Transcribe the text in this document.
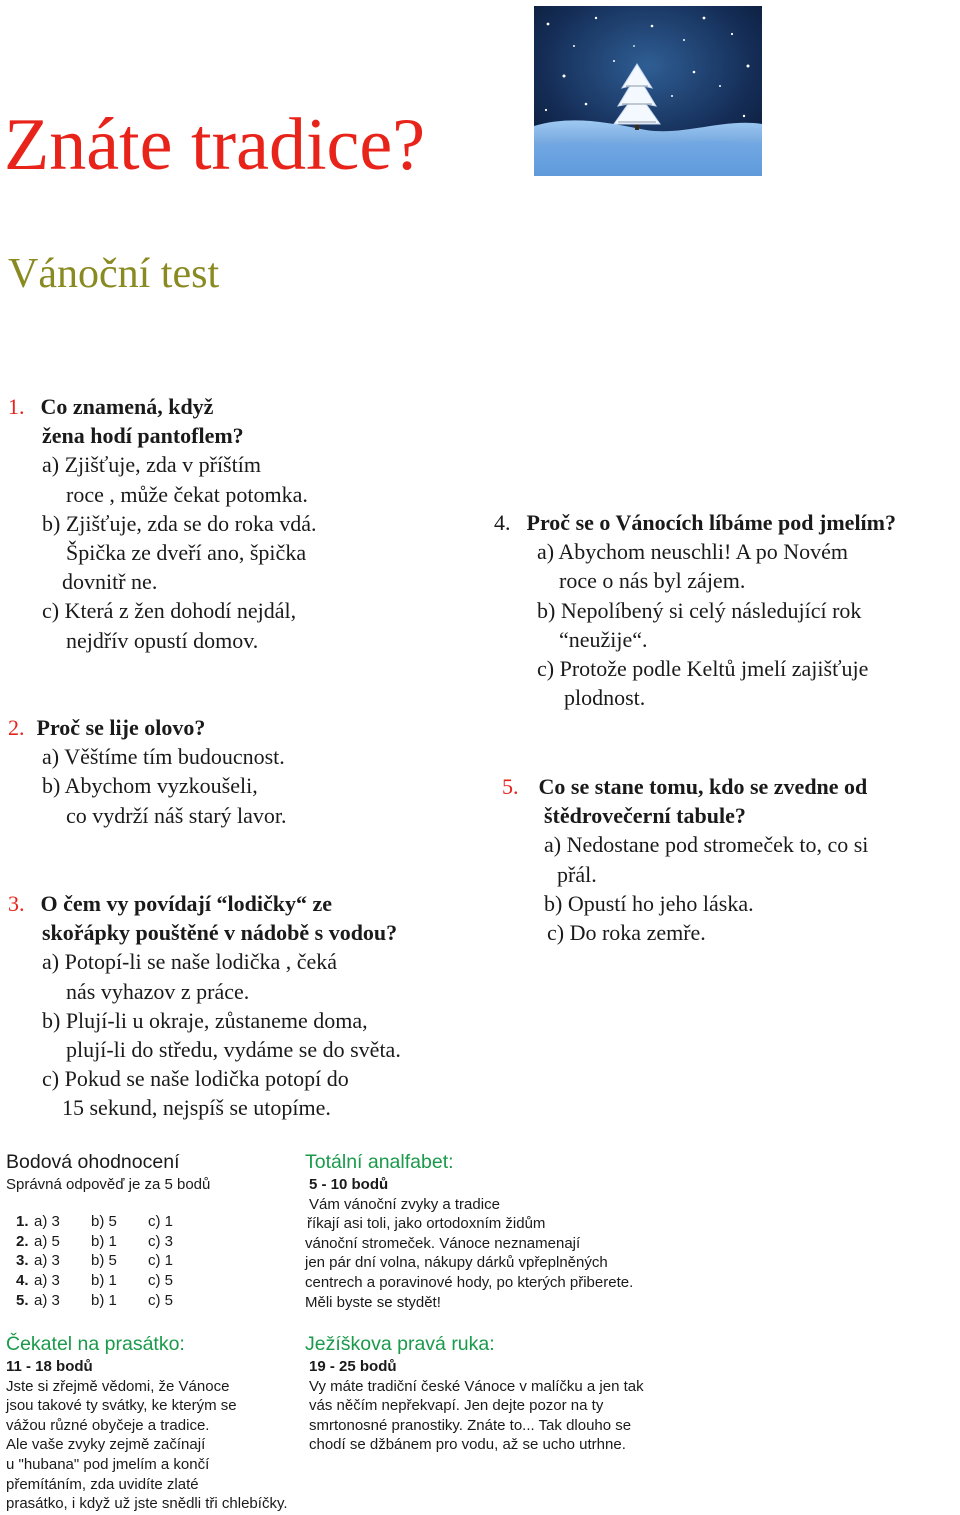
Znáte tradice?
Vánoční test
1. Co znamená, když
žena hodí pantoflem?
a) Zjišťuje, zda v příštím
roce , může čekat potomka.
b) Zjišťuje, zda se do roka vdá.
Špička ze dveří ano, špička
dovnitř ne.
c) Která z žen dohodí nejdál,
nejdřív opustí domov.
2. Proč se lije olovo?
a) Věštíme tím budoucnost.
b) Abychom vyzkoušeli,
co vydrží náš starý lavor.
3. O čem vy povídají “lodičky“ ze
skořápky pouštěné v nádobě s vodou?
a) Potopí-li se naše lodička , čeká
nás vyhazov z práce.
b) Plují-li u okraje, zůstaneme doma,
plují-li do středu, vydáme se do světa.
c) Pokud se naše lodička potopí do
15 sekund, nejspíš se utopíme.
4. Proč se o Vánocích líbáme pod jmelím?
a) Abychom neuschli! A po Novém
roce o nás byl zájem.
b) Nepolíbený si celý následující rok
“neužije“.
c) Protože podle Keltů jmelí zajišťuje
plodnost.
5. Co se stane tomu, kdo se zvedne od
štědrovečerní tabule?
a) Nedostane pod stromeček to, co si
přál.
b) Opustí ho jeho láska.
c) Do roka zemře.
Bodová ohodnocení
Správná odpověď je za 5 bodů
1. a) 3 b) 5 c) 1
2. a) 5 b) 1 c) 3
3. a) 3 b) 5 c) 1
4. a) 3 b) 1 c) 5
5. a) 3 b) 1 c) 5
Totální analfabet:
5 - 10 bodů
Vám vánoční zvyky a tradice
říkají asi toli, jako ortodoxním židům
vánoční stromeček. Vánoce neznamenají
jen pár dní volna, nákupy dárků vpřeplněných
centrech a poravinové hody, po kterých přiberete.
Měli byste se stydět!
Čekatel na prasátko:
11 - 18 bodů
Jste si zřejmě vědomi, že Vánoce
jsou takové ty svátky, ke kterým se
vážou různé obyčeje a tradice.
Ale vaše zvyky zejmě začínají
u "hubana" pod jmelím a končí
přemítáním, zda uvidíte zlaté
prasátko, i když už jste snědli tři chlebíčky.
Ježíškova pravá ruka:
19 - 25 bodů
Vy máte tradiční české Vánoce v malíčku a jen tak
vás něčím nepřekvapí. Jen dejte pozor na ty
smrtonosné pranostiky. Znáte to... Tak dlouho se
chodí se džbánem pro vodu, až se ucho utrhne.
